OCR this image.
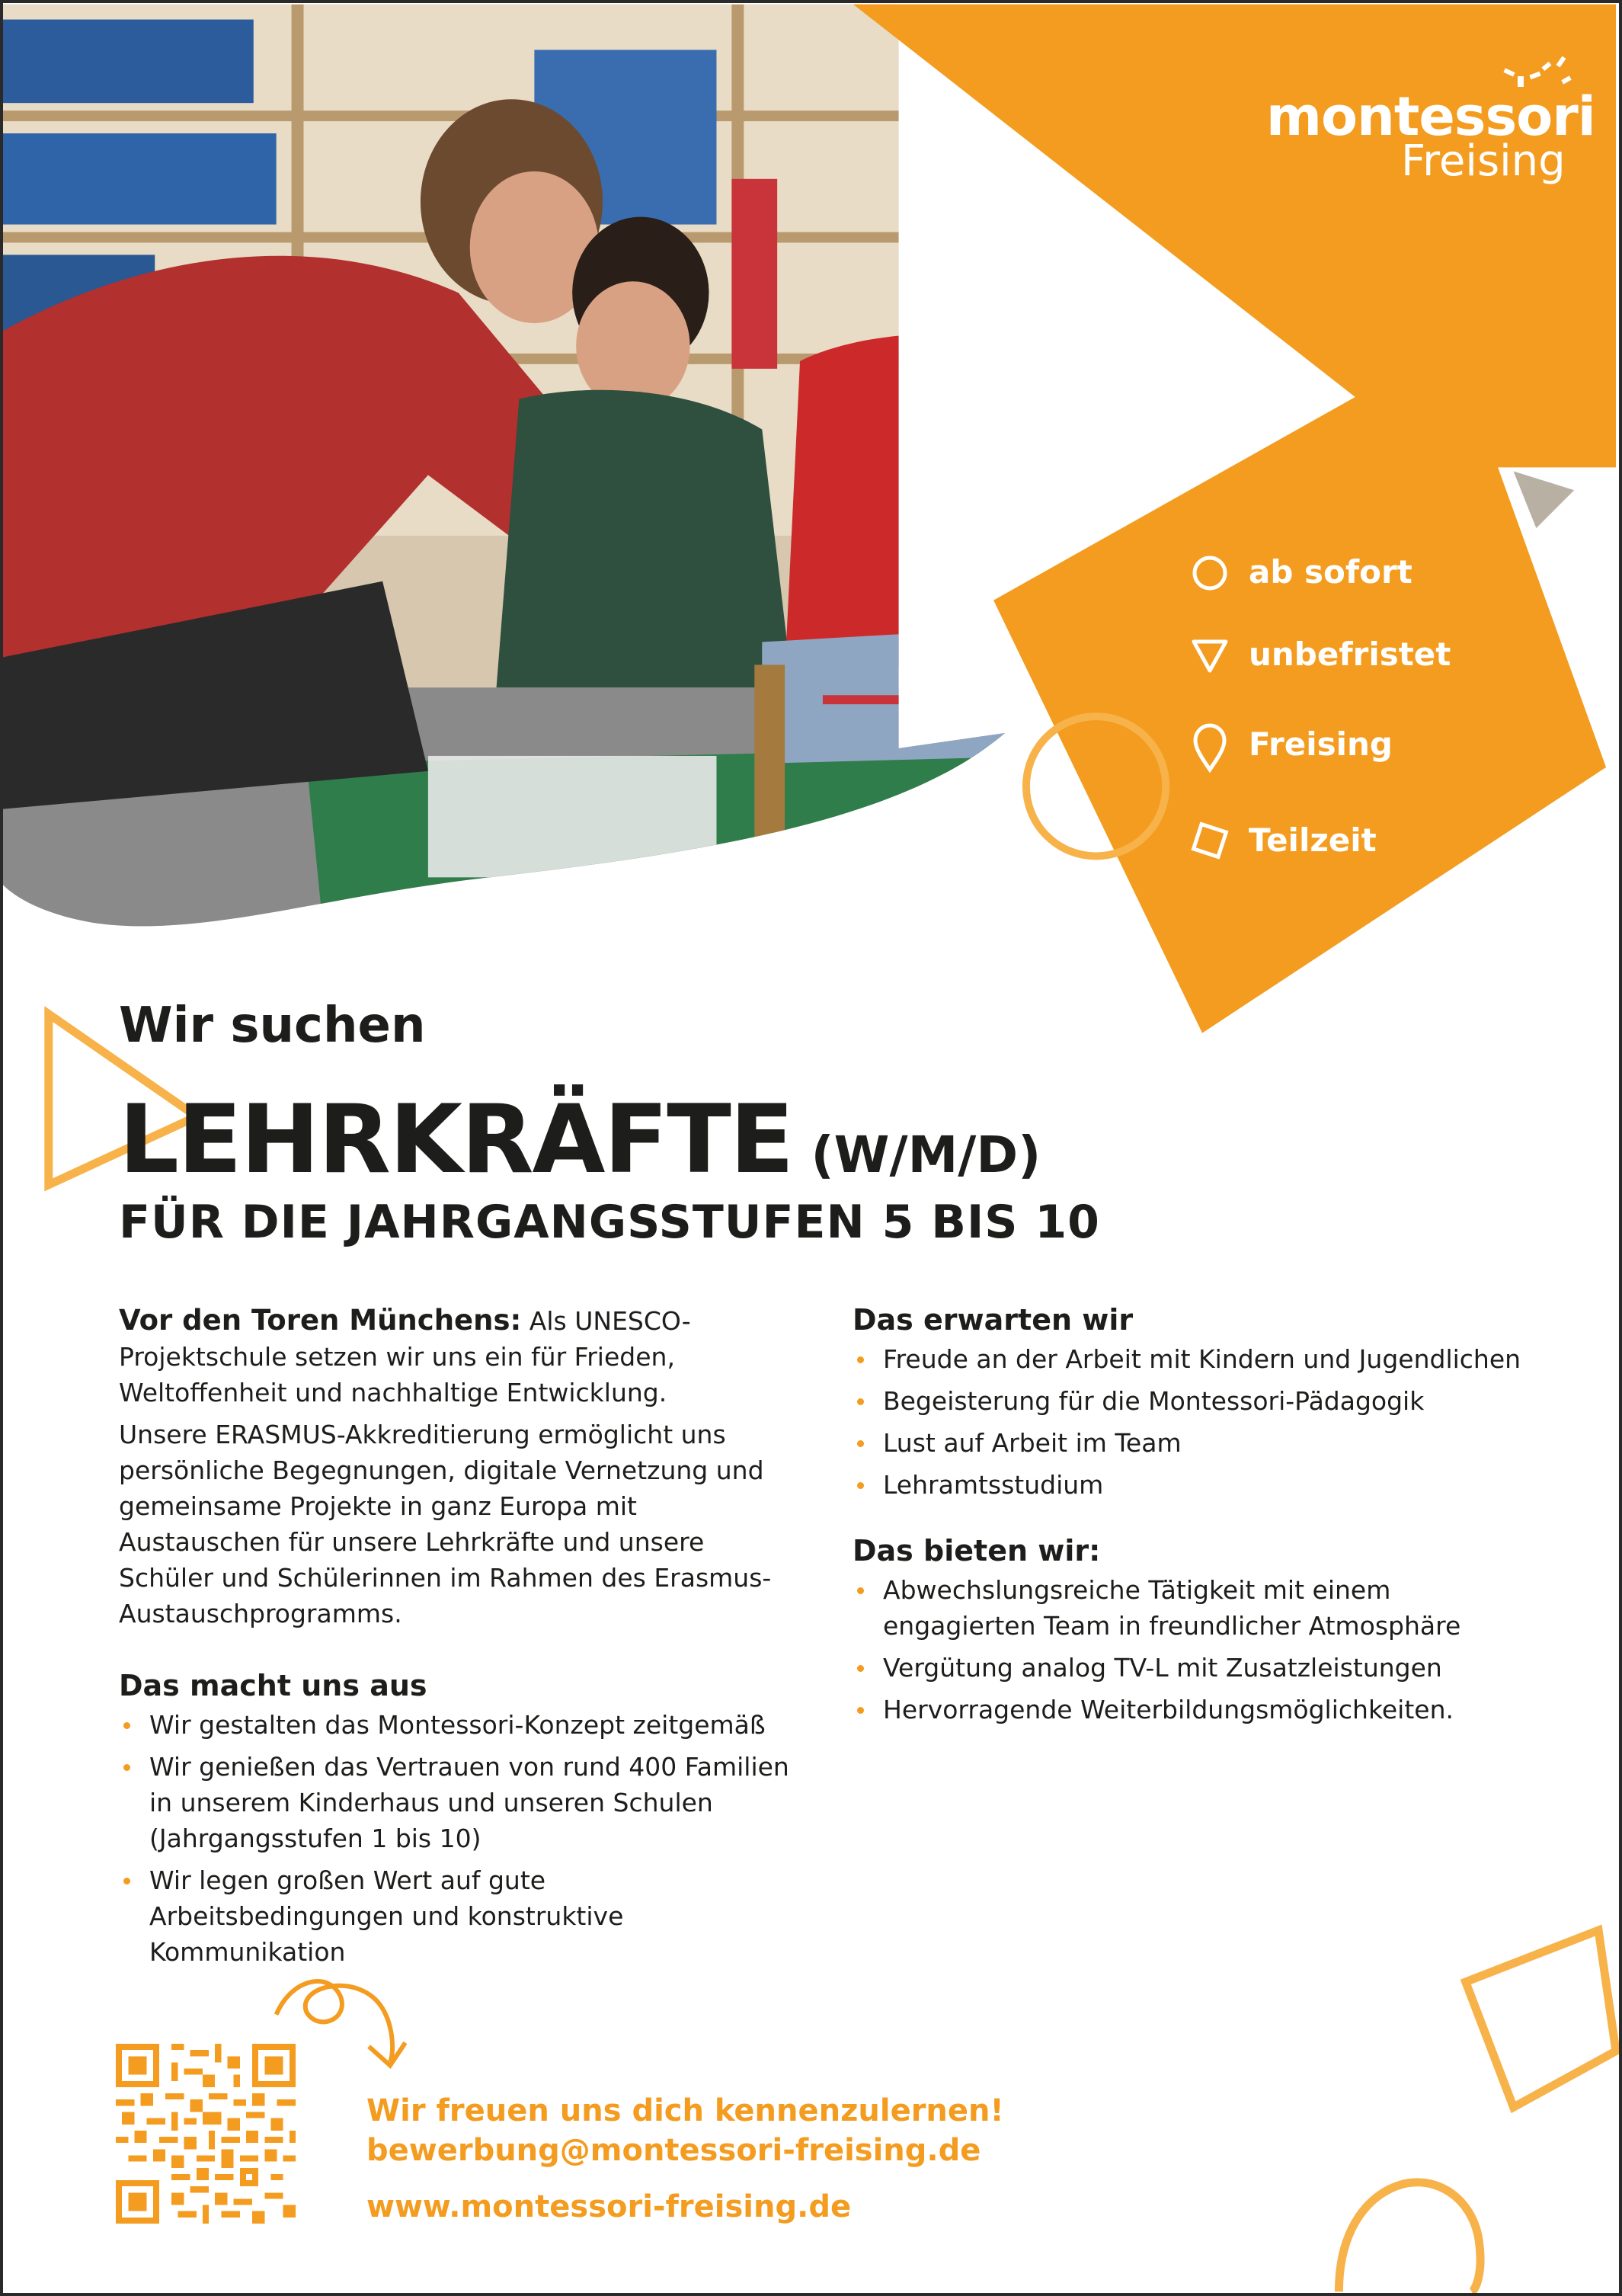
montessori
Freising
ab sofort
unbefristet
Freising
Teilzeit
Wir suchen
LEHRKRÄFTE (W/M/D)
FÜR DIE JAHRGANGSSTUFEN 5 BIS 10

Vor den Toren Münchens: Als UNESCO-Projektschule setzen wir uns ein für Frieden, Weltoffenheit und nachhaltige Entwicklung.

Unsere ERASMUS-Akkreditierung ermöglicht uns persönliche Begegnungen, digitale Vernetzung und gemeinsame Projekte in ganz Europa mit Austauschen für unsere Lehrkräfte und unsere Schüler und Schülerinnen im Rahmen des Erasmus-Austauschprogramms.

Das macht uns aus
Wir gestalten das Montessori-Konzept zeitgemäß
Wir genießen das Vertrauen von rund 400 Familien in unserem Kinderhaus und unseren Schulen (Jahrgangsstufen 1 bis 10)
Wir legen großen Wert auf gute Arbeitsbedingungen und konstruktive Kommunikation
Das erwarten wir
Freude an der Arbeit mit Kindern und Jugendlichen
Begeisterung für die Montessori-Pädagogik
Lust auf Arbeit im Team
Lehramtsstudium
Das bieten wir:
Abwechslungsreiche Tätigkeit mit einem engagierten Team in freundlicher Atmosphäre
Vergütung analog TV-L mit Zusatzleistungen
Hervorragende Weiterbildungsmöglichkeiten.
Wir freuen uns dich kennenzulernen!
bewerbung@montessori-freising.de
www.montessori-freising.de
